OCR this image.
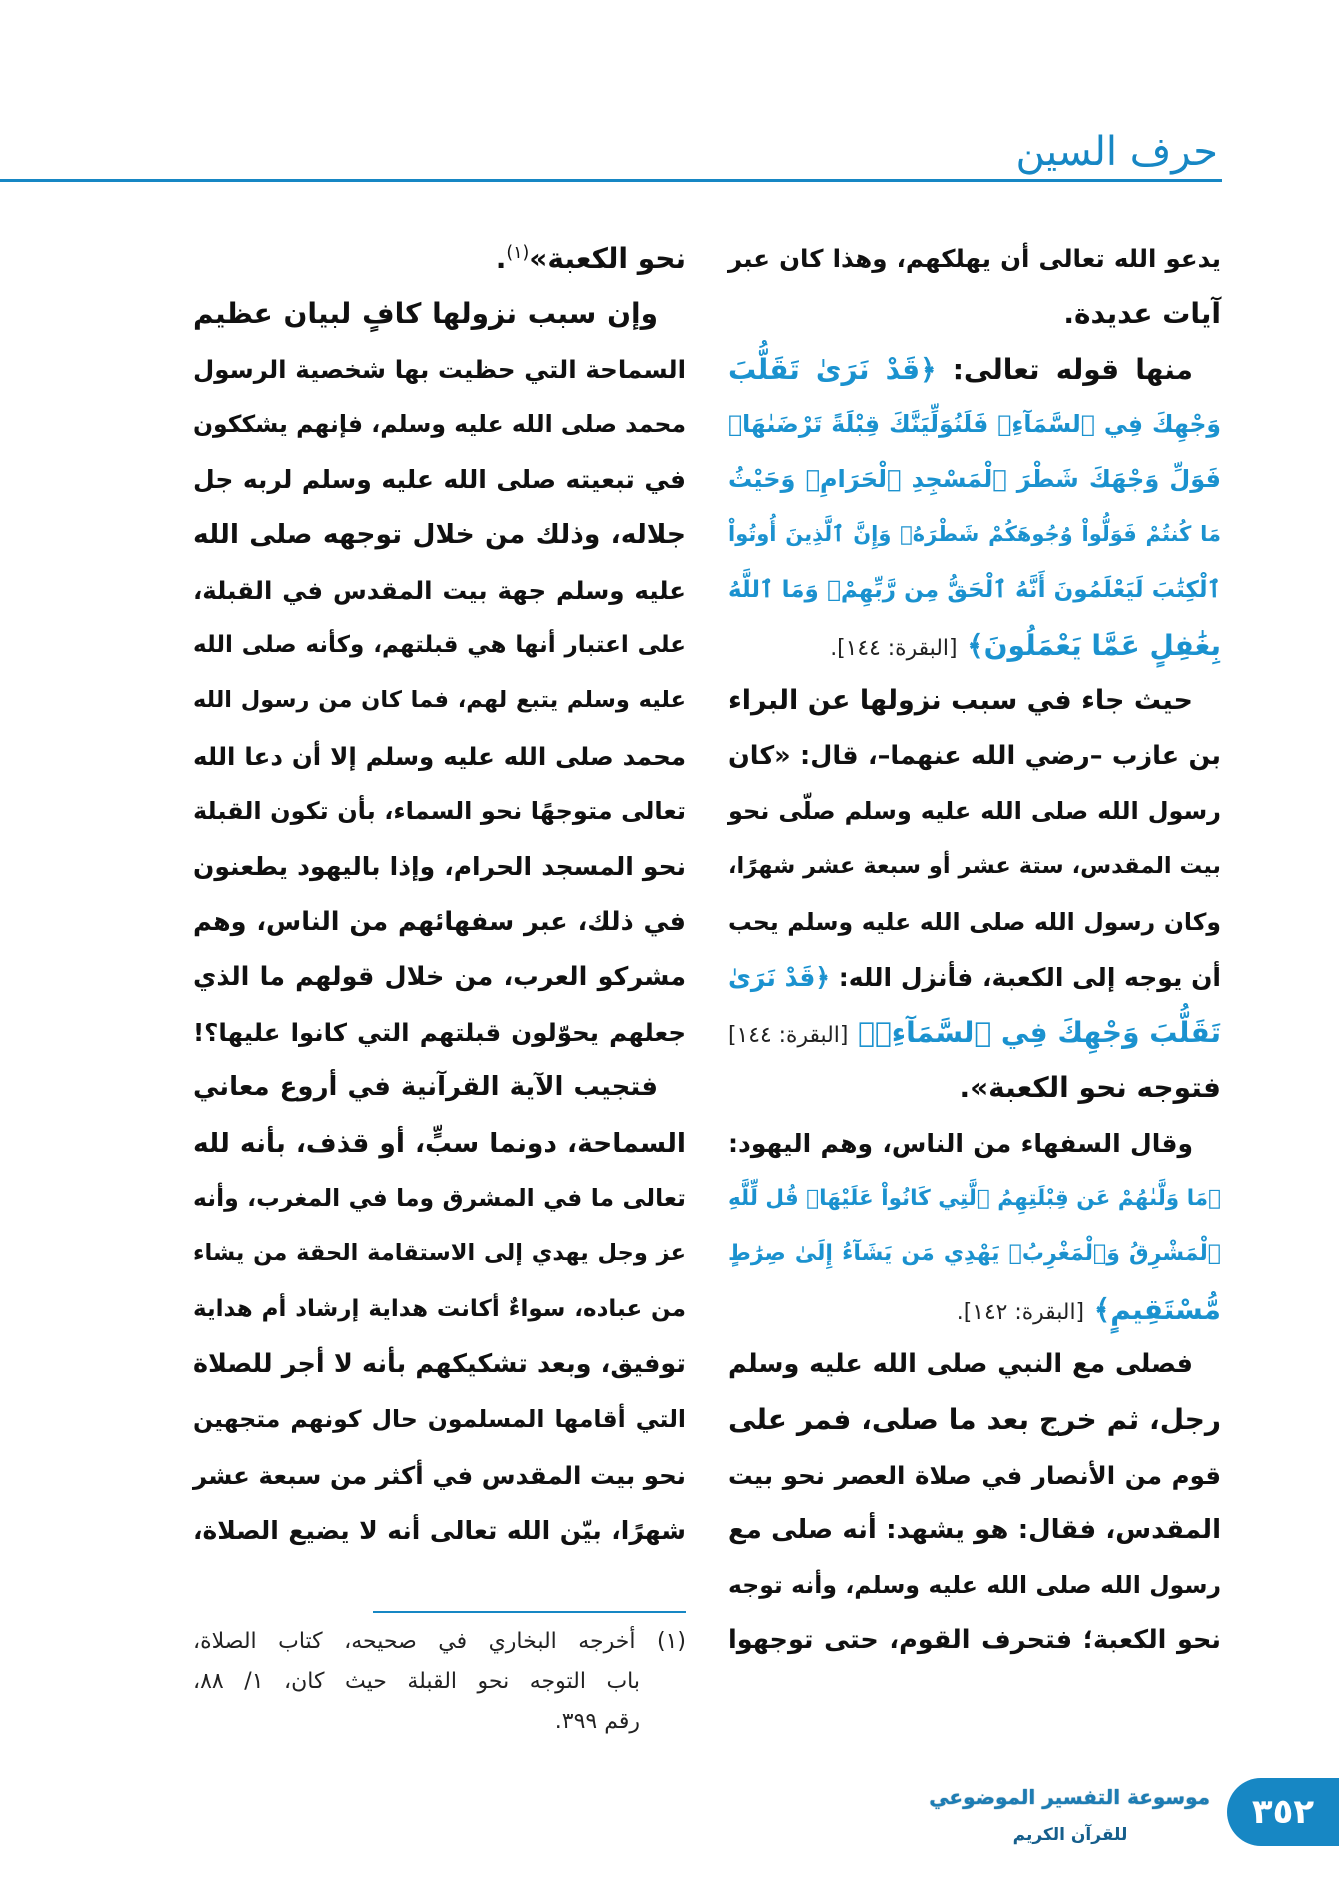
حرف السين
يدعو الله تعالى أن يهلكهم، وهذا كان عبر
آيات عديدة.
منها قوله تعالى: ﴿قَدْ نَرَىٰ تَقَلُّبَ
وَجْهِكَ فِي ٱلسَّمَآءِۖ فَلَنُوَلِّيَنَّكَ قِبْلَةً تَرْضَىٰهَاۚ
فَوَلِّ وَجْهَكَ شَطْرَ ٱلْمَسْجِدِ ٱلْحَرَامِۚ وَحَيْثُ
مَا كُنتُمْ فَوَلُّواْ وُجُوهَكُمْ شَطْرَهُۗ وَإِنَّ ٱلَّذِينَ أُوتُواْ
ٱلْكِتَٰبَ لَيَعْلَمُونَ أَنَّهُ ٱلْحَقُّ مِن رَّبِّهِمْۗ وَمَا ٱللَّهُ
بِغَٰفِلٍ عَمَّا يَعْمَلُونَ﴾ [البقرة: ١٤٤].
حيث جاء في سبب نزولها عن البراء
بن عازب –رضي الله عنهما–، قال: «كان
رسول الله صلى الله عليه وسلم صلّى نحو
بيت المقدس، ستة عشر أو سبعة عشر شهرًا،
وكان رسول الله صلى الله عليه وسلم يحب
أن يوجه إلى الكعبة، فأنزل الله: ﴿قَدْ نَرَىٰ
تَقَلُّبَ وَجْهِكَ فِي ٱلسَّمَآءِۖ﴾ [البقرة: ١٤٤]
فتوجه نحو الكعبة».
وقال السفهاء من الناس، وهم اليهود:
﴿مَا وَلَّىٰهُمْ عَن قِبْلَتِهِمُ ٱلَّتِي كَانُواْ عَلَيْهَاۚ قُل لِّلَّهِ
ٱلْمَشْرِقُ وَٱلْمَغْرِبُۚ يَهْدِي مَن يَشَآءُ إِلَىٰ صِرَٰطٍ
مُّسْتَقِيمٍ﴾ [البقرة: ١٤٢].
فصلى مع النبي صلى الله عليه وسلم
رجل، ثم خرج بعد ما صلى، فمر على
قوم من الأنصار في صلاة العصر نحو بيت
المقدس، فقال: هو يشهد: أنه صلى مع
رسول الله صلى الله عليه وسلم، وأنه توجه
نحو الكعبة؛ فتحرف القوم، حتى توجهوا
نحو الكعبة»$^{(١)}$.
وإن سبب نزولها كافٍ لبيان عظيم
السماحة التي حظيت بها شخصية الرسول
محمد صلى الله عليه وسلم، فإنهم يشككون
في تبعيته صلى الله عليه وسلم لربه جل
جلاله، وذلك من خلال توجهه صلى الله
عليه وسلم جهة بيت المقدس في القبلة،
على اعتبار أنها هي قبلتهم، وكأنه صلى الله
عليه وسلم يتبع لهم، فما كان من رسول الله
محمد صلى الله عليه وسلم إلا أن دعا الله
تعالى متوجهًا نحو السماء، بأن تكون القبلة
نحو المسجد الحرام، وإذا باليهود يطعنون
في ذلك، عبر سفهائهم من الناس، وهم
مشركو العرب، من خلال قولهم ما الذي
جعلهم يحوّلون قبلتهم التي كانوا عليها؟!
فتجيب الآية القرآنية في أروع معاني
السماحة، دونما سبٍّ، أو قذف، بأنه لله
تعالى ما في المشرق وما في المغرب، وأنه
عز وجل يهدي إلى الاستقامة الحقة من يشاء
من عباده، سواءٌ أكانت هداية إرشاد أم هداية
توفيق، وبعد تشكيكهم بأنه لا أجر للصلاة
التي أقامها المسلمون حال كونهم متجهين
نحو بيت المقدس في أكثر من سبعة عشر
شهرًا، بيّن الله تعالى أنه لا يضيع الصلاة،
(١) أخرجه البخاري في صحيحه، كتاب الصلاة،
باب التوجه نحو القبلة حيث كان، ١/ ٨٨،
رقم ٣٩٩.
موسوعة التفسير الموضوعي
للقرآن الكريم
٣٥٢
